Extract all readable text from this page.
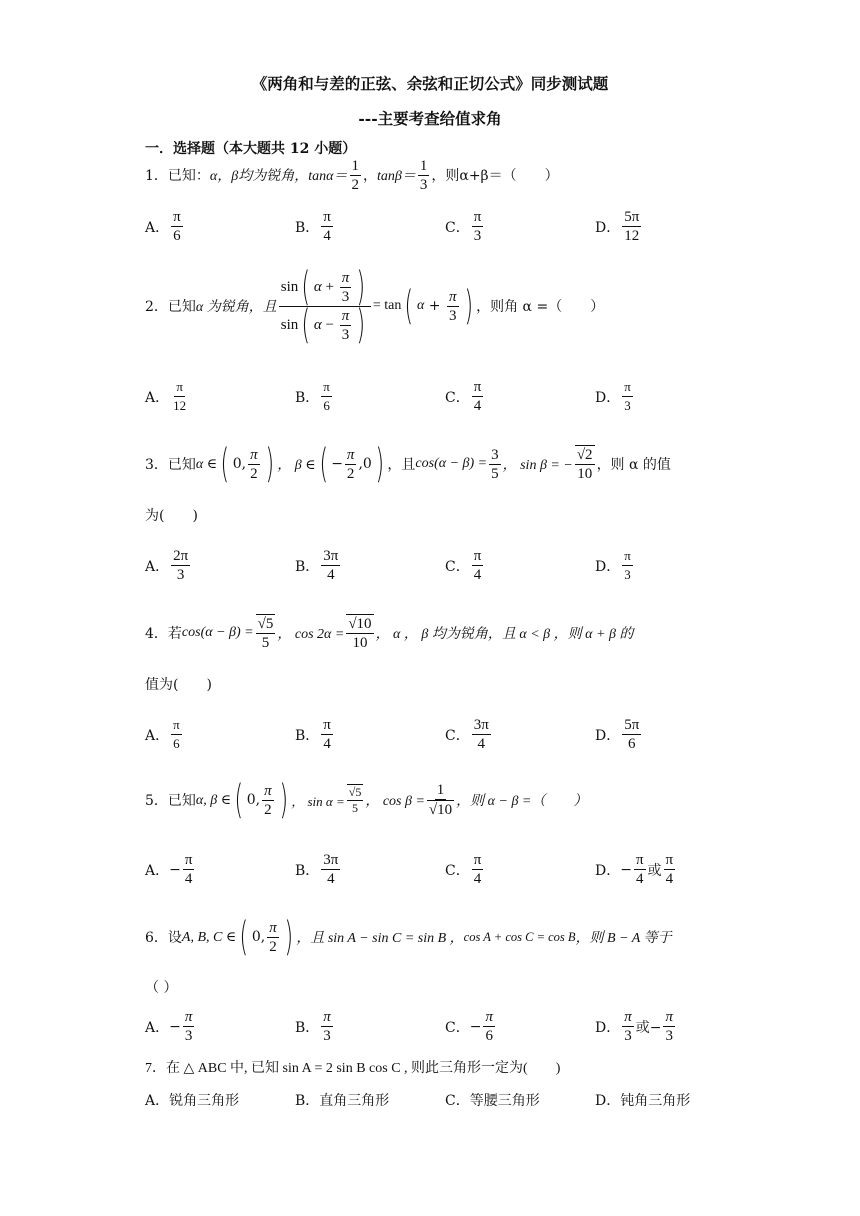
《两角和与差的正弦、余弦和正切公式》同步测试题
---主要考查给值求角
一．选择题（本大题共 12 小题）
1．已知： α，β均为锐角， $\tan\alpha= \frac{1}{2}$ ， $\tan\beta= \frac{1}{3}$ ，则α+β＝（　　）
A． $\frac{\pi}{6}$	B． $\frac{\pi}{4}$	C． $\frac{\pi}{3}$	D． $\frac{5\pi}{12}$
2．已知 α 为锐角，且 sin ( α
+
$\frac{\pi}{3}$ )
sin ( α
−
$\frac{\pi}{3}$ ) = tan ( α
+
$\frac{\pi}{3}$ ) ，则角 α =（　　）
A． $\frac{\pi}{12}$	B． $\frac{\pi}{6}$	C． $\frac{\pi}{4}$	D． $\frac{\pi}{3}$
3．已知 α ∈ ( 0, $\frac{\pi}{2}$ ) ， β ∈ ( − $\frac{\pi}{2} ,0$ ) ，且 $\cos(\alpha - \beta) = \frac{3}{5}$ ， sin β = − $\frac{√2}{10}$ ，则 α 的值
为(　　)
A． $\frac{2\pi}{3}$	B． $\frac{3\pi}{4}$	C． $\frac{\pi}{4}$	D． $\frac{\pi}{3}$
4．若 $\cos(\alpha - \beta) = \frac{√5}{5}$ ， $\cos 2\alpha = \frac{√10}{10}$ ， α ， β 均为锐角，且 α < β ，则 α + β 的
值为(　　)
A． $\frac{\pi}{6}$	B． $\frac{\pi}{4}$	C． $\frac{3\pi}{4}$	D． $\frac{5\pi}{6}$
5．已知 α, β ∈ ( 0, $\frac{\pi}{2}$ ) ， $\sin \alpha = \frac{√5}{5}$ ， $\cos \beta = \frac{1}{√10}$ ，则 α − β =（　　）
A． − $\frac{\pi}{4}$	B． $\frac{3\pi}{4}$	C． $\frac{\pi}{4}$	D． − $\frac{\pi}{4}$ 或 $\frac{\pi}{4}$
6．设 A, B, C ∈ ( 0, $\frac{\pi}{2}$ ) ，且 sin A − sin C = sin B ， cos A + cos C = cos B ，则 B − A 等于
（ ）
A． − $\frac{\pi}{3}$	B． $\frac{\pi}{3}$	C． − $\frac{\pi}{6}$	D． $\frac{\pi}{3}$ 或− $\frac{\pi}{3}$
7．在 △ ABC 中, 已知 sin A = 2 sin B cos C , 则此三角形一定为(　　)
A．锐角三角形	B．直角三角形	C．等腰三角形	D．钝角三角形
